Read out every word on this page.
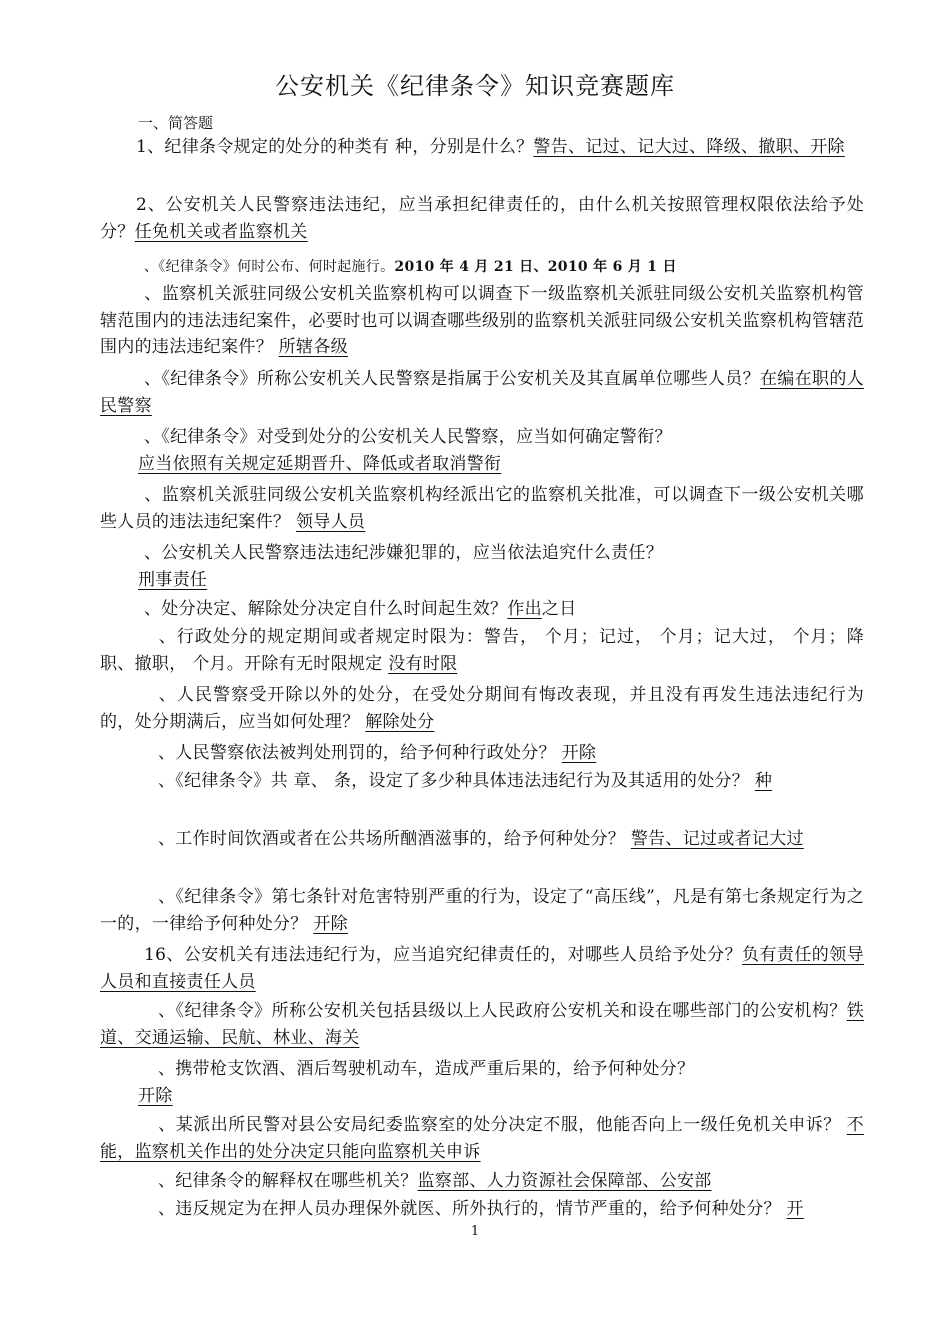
公安机关《纪律条令》知识竞赛题库
一、简答题
1、纪律条令规定的处分的种类有 种，分别是什么？警告、记过、记大过、降级、撤职、开除
2、公安机关人民警察违法违纪，应当承担纪律责任的，由什么机关按照管理权限依法给予处分？任免机关或者监察机关
、《纪律条令》何时公布、何时起施行。2010 年 4 月 21 日、2010 年 6 月 1 日
、监察机关派驻同级公安机关监察机构可以调查下一级监察机关派驻同级公安机关监察机构管辖范围内的违法违纪案件，必要时也可以调查哪些级别的监察机关派驻同级公安机关监察机构管辖范围内的违法违纪案件？ 所辖各级
、《纪律条令》所称公安机关人民警察是指属于公安机关及其直属单位哪些人员？在编在职的人民警察
、《纪律条令》对受到处分的公安机关人民警察，应当如何确定警衔？
应当依照有关规定延期晋升、降低或者取消警衔
、监察机关派驻同级公安机关监察机构经派出它的监察机关批准，可以调查下一级公安机关哪些人员的违法违纪案件？ 领导人员
、公安机关人民警察违法违纪涉嫌犯罪的，应当依法追究什么责任？
刑事责任
、处分决定、解除处分决定自什么时间起生效？作出之日
、行政处分的规定期间或者规定时限为：警告， 个月；记过， 个月；记大过， 个月；降职、撤职， 个月。开除有无时限规定 没有时限
、人民警察受开除以外的处分，在受处分期间有悔改表现，并且没有再发生违法违纪行为的，处分期满后，应当如何处理？ 解除处分
、人民警察依法被判处刑罚的，给予何种行政处分？ 开除
、《纪律条令》共 章、 条，设定了多少种具体违法违纪行为及其适用的处分？ 种
、工作时间饮酒或者在公共场所酗酒滋事的，给予何种处分？ 警告、记过或者记大过
、《纪律条令》第七条针对危害特别严重的行为，设定了“高压线”，凡是有第七条规定行为之一的，一律给予何种处分？ 开除
16、公安机关有违法违纪行为，应当追究纪律责任的，对哪些人员给予处分？负有责任的领导人员和直接责任人员
、《纪律条令》所称公安机关包括县级以上人民政府公安机关和设在哪些部门的公安机构？铁道、交通运输、民航、林业、海关
、携带枪支饮酒、酒后驾驶机动车，造成严重后果的，给予何种处分？
开除
、某派出所民警对县公安局纪委监察室的处分决定不服，他能否向上一级任免机关申诉？ 不能，监察机关作出的处分决定只能向监察机关申诉
、纪律条令的解释权在哪些机关？监察部、人力资源社会保障部、公安部
、违反规定为在押人员办理保外就医、所外执行的，情节严重的，给予何种处分？ 开
1
